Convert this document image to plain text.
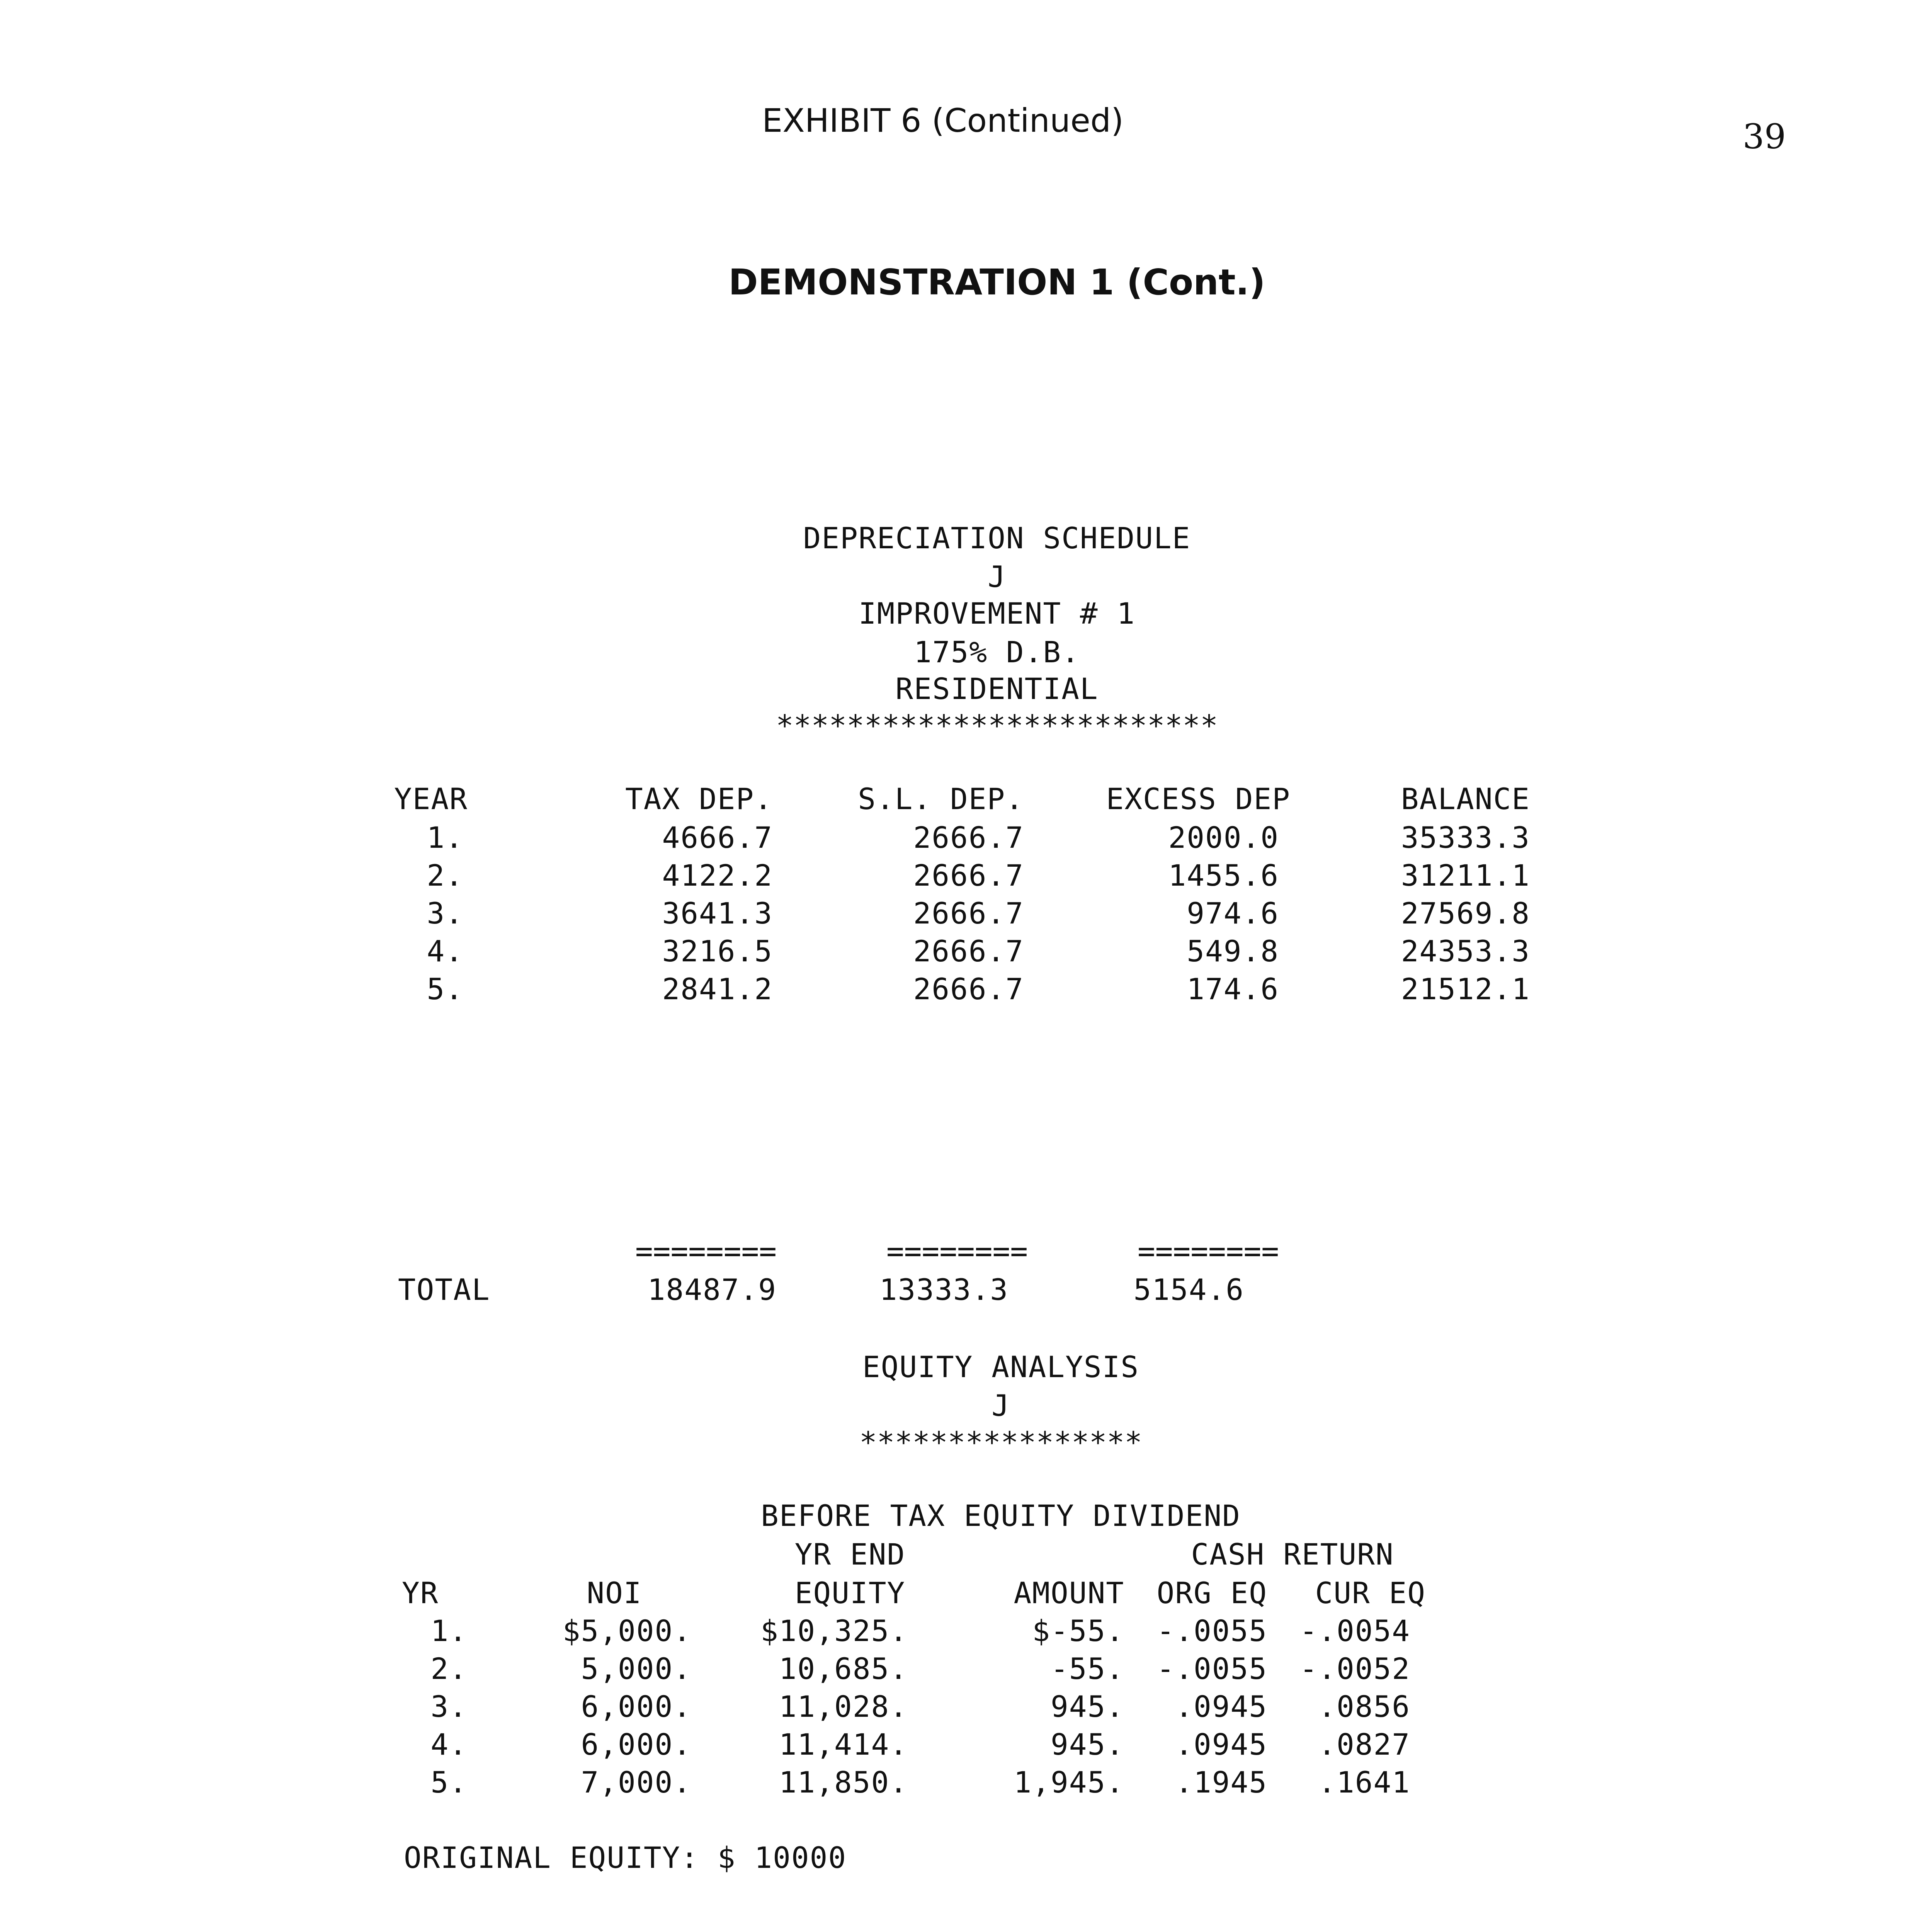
EXHIBIT 6 (Continued)	39
DEMONSTRATION 1 (Cont.)
DEPRECIATION SCHEDULE
J
IMPROVEMENT # 1
175% D.B.
RESIDENTIAL
*************************
YEAR	TAX DEP.	S.L. DEP.	EXCESS DEP	BALANCE
1.	4666.7	2666.7	2000.0	35333.3
2.	4122.2	2666.7	1455.6	31211.1
3.	3641.3	2666.7	974.6	27569.8
4.	3216.5	2666.7	549.8	24353.3
5.	2841.2	2666.7	174.6	21512.1
========	========	========
TOTAL	18487.9	13333.3	5154.6
EQUITY ANALYSIS
J
****************
BEFORE TAX EQUITY DIVIDEND
YR END	CASH RETURN
YR	NOI	EQUITY	AMOUNT ORG EQ CUR EQ
1.	$5,000. $10,325.	$-55. -.0055 -.0054
2.	5,000.	10,685.	-55. -.0055 -.0052
3.	6,000.	11,028.	945. .0945 .0856
4.	6,000.	11,414.	945. .0945 .0827
5.	7,000.	11,850.	1,945. .1945 .1641
ORIGINAL EQUITY: $ 10000
